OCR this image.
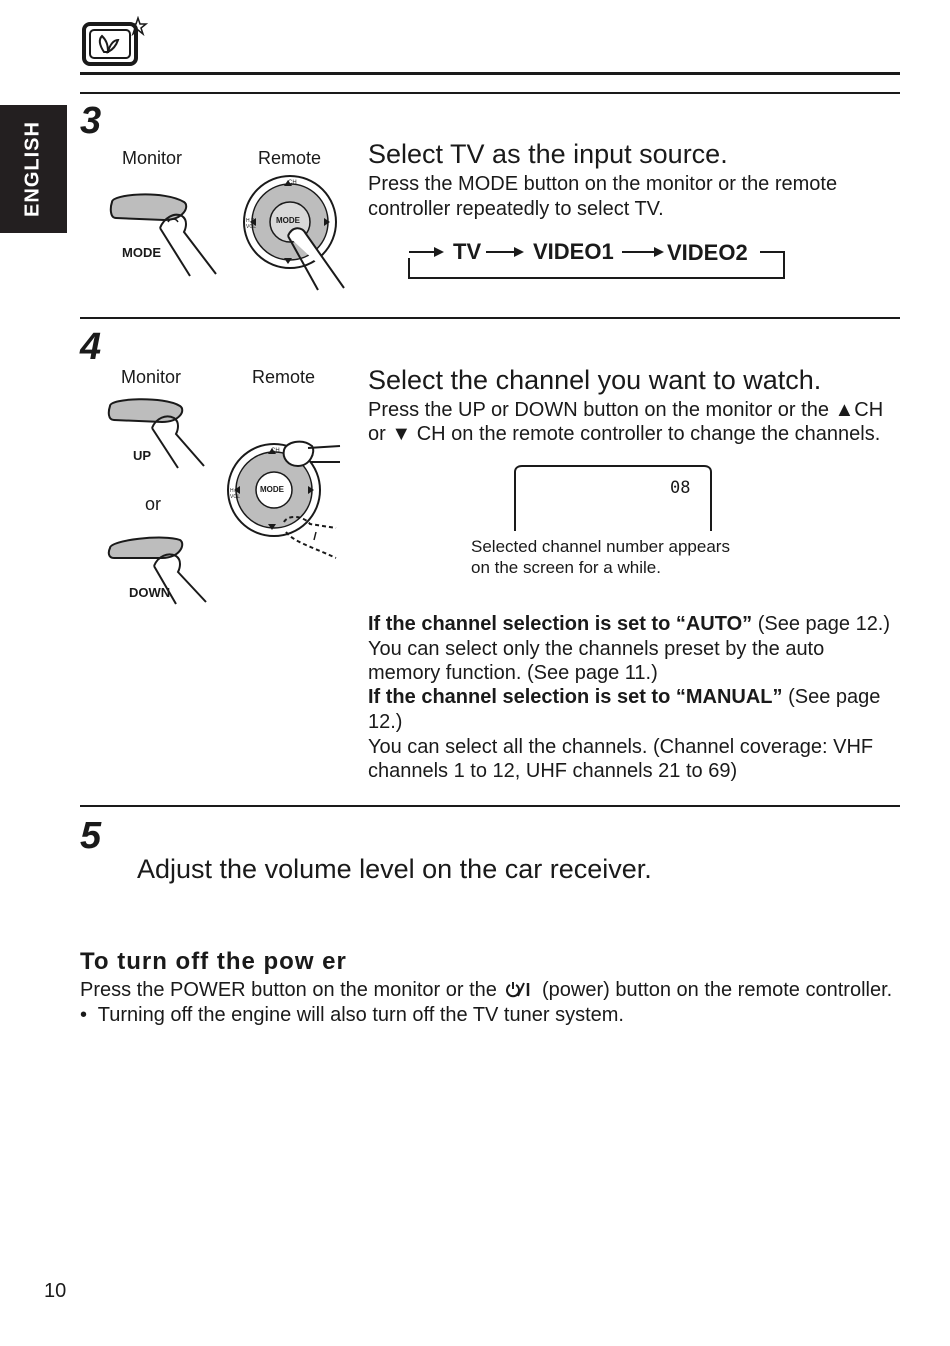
ENGLISH
3
Monitor	Remote
MODE
MODE
CH
H.P VOL
Select TV as the input source.
Press the MODE button on the monitor or the remote
controller repeatedly to select TV.
TV VIDEO1 VIDEO2
4
Monitor	Remote
UP
or
DOWN
MODE
CH
H.P VOL
Select the channel you want to watch.
Press the UP or DOWN button on the monitor or the ▲CH
or ▼ CH on the remote controller to change the channels.
08
Selected channel number appears
on the screen for a while.
If the channel selection is set to “AUTO” (See page 12.)
You can select only the channels preset by the auto
memory function. (See page 11.)
If the channel selection is set to “MANUAL” (See page
12.)
You can select all the channels. (Channel coverage: VHF
channels 1 to 12, UHF channels 21 to 69)
5
Adjust the volume level on the car receiver.
To turn off the pow er
Press the POWER button on the monitor or the (power) button on the remote controller.
•  Turning off the engine will also turn off the TV tuner system.
10
